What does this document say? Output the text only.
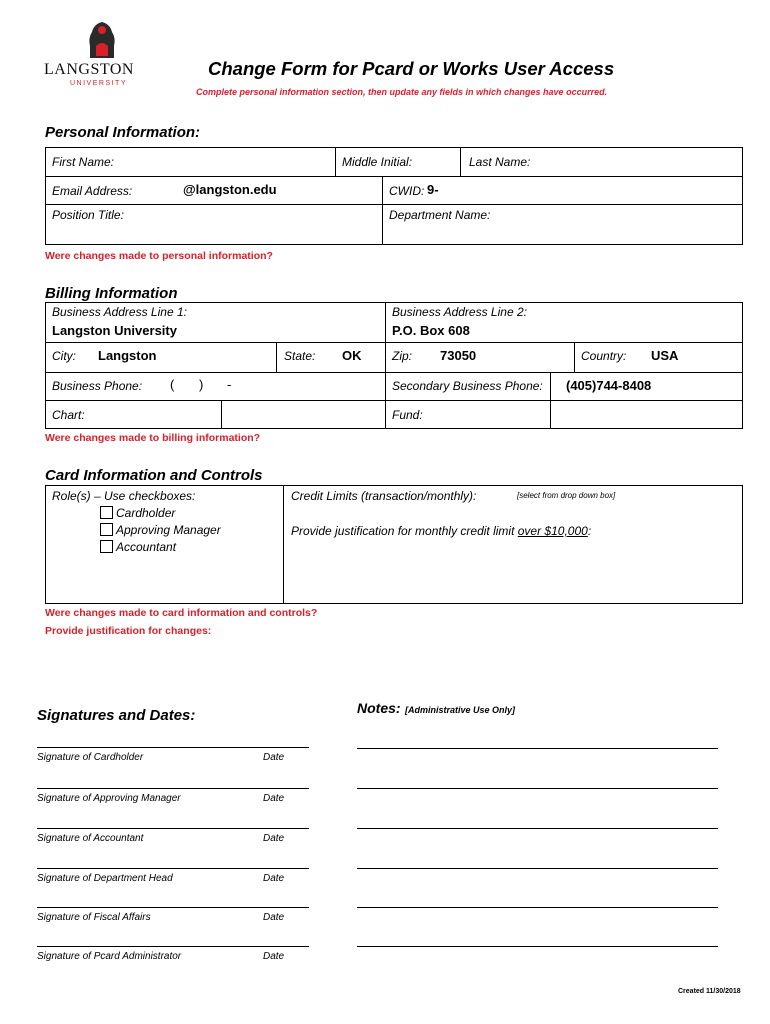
LANGSTON
UNIVERSITY
Change Form for Pcard or Works User Access
Complete personal information section, then update any fields in which changes have occurred.
Personal Information:
First Name:	Middle Initial:	Last Name:
Email Address:	@langston.edu	CWID: 9-
Position Title:	Department Name:
Were changes made to personal information?
Billing Information
Business Address Line 1:
Langston University
Business Address Line 2:
P.O. Box 608
City: Langston	State: OK	Zip: 73050	Country: USA
Business Phone: ( ) -	Secondary Business Phone: (405)744-8408
Chart:	Fund:
Were changes made to billing information?
Card Information and Controls
Role(s) – Use checkboxes:
Cardholder
Approving Manager
Accountant
Credit Limits (transaction/monthly):	[select from drop down box]
Provide justification for monthly credit limit over $10,000:
Were changes made to card information and controls?
Provide justification for changes:
Signatures and Dates:
Signature of Cardholder	Date
Signature of Approving Manager	Date
Signature of Accountant	Date
Signature of Department Head	Date
Signature of Fiscal Affairs	Date
Signature of Pcard Administrator	Date
Notes: [Administrative Use Only]
Created 11/30/2018
